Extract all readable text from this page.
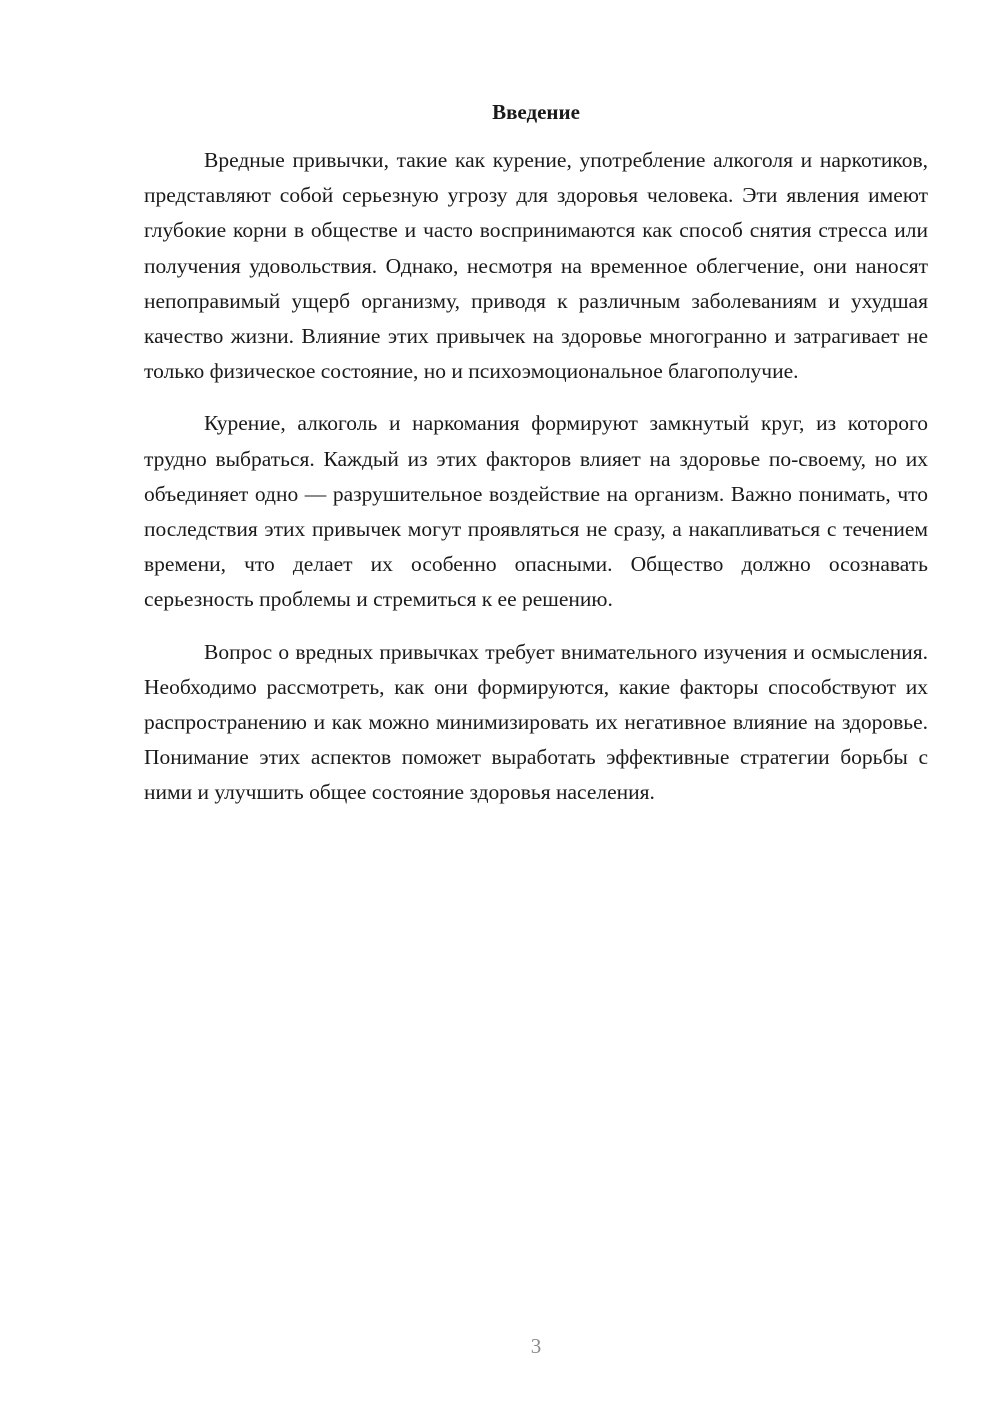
Введение

Вредные привычки, такие как курение, употребление алкоголя и наркотиков, представляют собой серьезную угрозу для здоровья человека. Эти явления имеют глубокие корни в обществе и часто воспринимаются как способ снятия стресса или получения удовольствия. Однако, несмотря на временное облегчение, они наносят непоправимый ущерб организму, приводя к различным заболеваниям и ухудшая качество жизни. Влияние этих привычек на здоровье многогранно и затрагивает не только физическое состояние, но и психоэмоциональное благополучие.

Курение, алкоголь и наркомания формируют замкнутый круг, из которого трудно выбраться. Каждый из этих факторов влияет на здоровье по-своему, но их объединяет одно — разрушительное воздействие на организм. Важно понимать, что последствия этих привычек могут проявляться не сразу, а накапливаться с течением времени, что делает их особенно опасными. Общество должно осознавать серьезность проблемы и стремиться к ее решению.

Вопрос о вредных привычках требует внимательного изучения и осмысления. Необходимо рассмотреть, как они формируются, какие факторы способствуют их распространению и как можно минимизировать их негативное влияние на здоровье. Понимание этих аспектов поможет выработать эффективные стратегии борьбы с ними и улучшить общее состояние здоровья населения.

3
